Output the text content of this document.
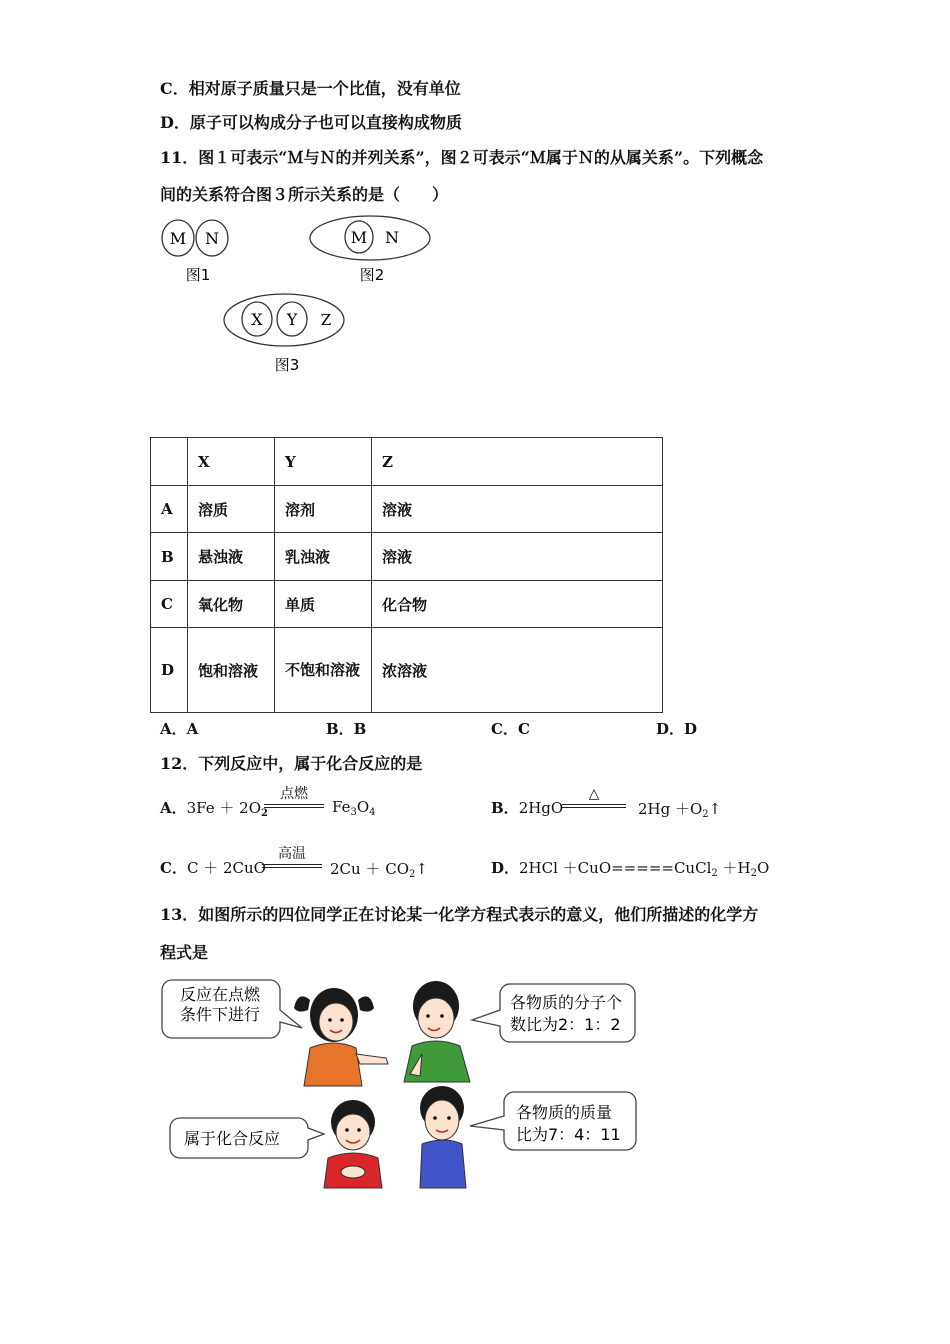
C．相对原子质量只是一个比值，没有单位
D．原子可以构成分子也可以直接构成物质
11．图１可表示“Ｍ与Ｎ的并列关系”，图２可表示“Ｍ属于Ｎ的从属关系”。下列概念
间的关系符合图３所示关系的是（　　）
M N
图1
M N
图2
X Y Z
图3
	X	Y	Z
A	溶质	溶剂	溶液
B	悬浊液	乳浊液	溶液
C	氧化物	单质	化合物
D	饱和溶液	不饱和溶液	浓溶液
A．A	B．B	C．C	D．D
12．下列反应中，属于化合反应的是
A．$3Fe + 2O_2$
点燃
$Fe_3O_4$	B．2HgO
△
$2Hg +O_2↑$
C．C ＋ 2CuO
高温
$2Cu + CO_2↑$	D．2HCl ＋CuO=====CuCl$_2$ $+H_2O$
13．如图所示的四位同学正在讨论某一化学方程式表示的意义，他们所描述的化学方
程式是
反应在点燃
条件下进行
各物质的分子个
数比为2：1：2
属于化合反应
各物质的质量
比为7：4：11
